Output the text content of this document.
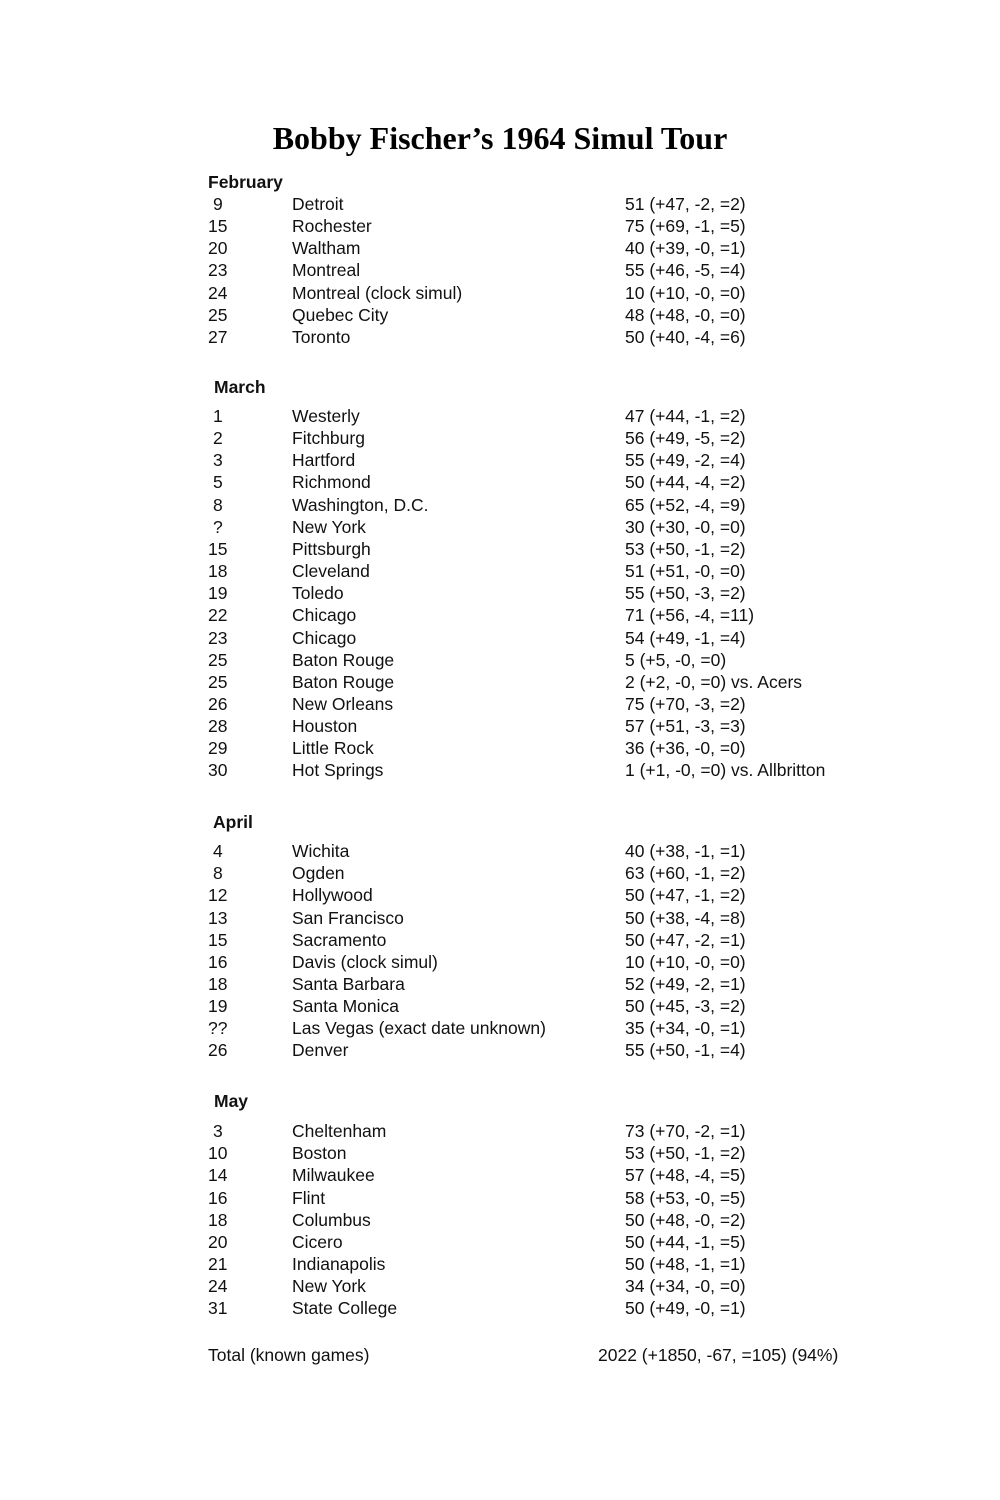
Bobby Fischer’s 1964 Simul Tour
February
9	Detroit	51 (+47, -2, =2)
15	Rochester	75 (+69, -1, =5)
20	Waltham	40 (+39, -0, =1)
23	Montreal	55 (+46, -5, =4)
24	Montreal (clock simul)	10 (+10, -0, =0)
25	Quebec City	48 (+48, -0, =0)
27	Toronto	50 (+40, -4, =6)
March
1	Westerly	47 (+44, -1, =2)
2	Fitchburg	56 (+49, -5, =2)
3	Hartford	55 (+49, -2, =4)
5	Richmond	50 (+44, -4, =2)
8	Washington, D.C.	65 (+52, -4, =9)
?	New York	30 (+30, -0, =0)
15	Pittsburgh	53 (+50, -1, =2)
18	Cleveland	51 (+51, -0, =0)
19	Toledo	55 (+50, -3, =2)
22	Chicago	71 (+56, -4, =11)
23	Chicago	54 (+49, -1, =4)
25	Baton Rouge	5 (+5, -0, =0)
25	Baton Rouge	2 (+2, -0, =0) vs. Acers
26	New Orleans	75 (+70, -3, =2)
28	Houston	57 (+51, -3, =3)
29	Little Rock	36 (+36, -0, =0)
30	Hot Springs	1 (+1, -0, =0) vs. Allbritton
April
4	Wichita	40 (+38, -1, =1)
8	Ogden	63 (+60, -1, =2)
12	Hollywood	50 (+47, -1, =2)
13	San Francisco	50 (+38, -4, =8)
15	Sacramento	50 (+47, -2, =1)
16	Davis (clock simul)	10 (+10, -0, =0)
18	Santa Barbara	52 (+49, -2, =1)
19	Santa Monica	50 (+45, -3, =2)
??	Las Vegas (exact date unknown)	35 (+34, -0, =1)
26	Denver	55 (+50, -1, =4)
May
3	Cheltenham	73 (+70, -2, =1)
10	Boston	53 (+50, -1, =2)
14	Milwaukee	57 (+48, -4, =5)
16	Flint	58 (+53, -0, =5)
18	Columbus	50 (+48, -0, =2)
20	Cicero	50 (+44, -1, =5)
21	Indianapolis	50 (+48, -1, =1)
24	New York	34 (+34, -0, =0)
31	State College	50 (+49, -0, =1)
Total (known games)	2022 (+1850, -67, =105) (94%)
